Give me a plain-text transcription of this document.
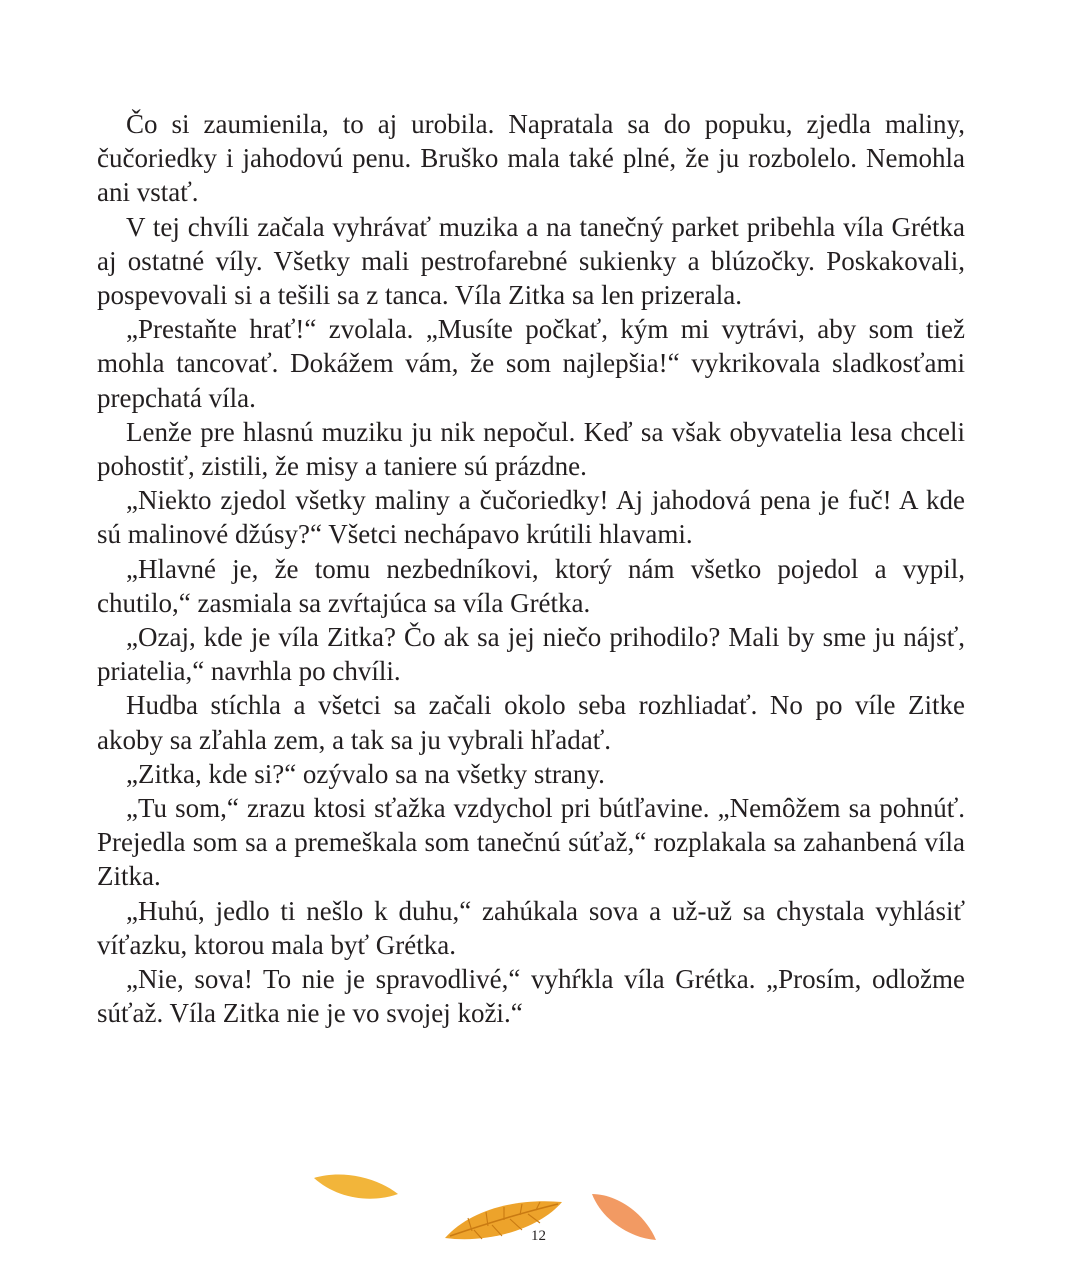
Čo si zaumienila, to aj urobila. Napratala sa do popuku, zjedla maliny, čučoriedky i jahodovú penu. Bruško mala také plné, že ju rozbolelo. Nemohla ani vstať.

V tej chvíli začala vyhrávať muzika a na tanečný parket pribehla víla Grétka aj ostatné víly. Všetky mali pestrofarebné sukienky a blúzočky. Poskakovali, pospevovali si a tešili sa z tanca. Víla Zitka sa len prizerala.

„Prestaňte hrať!“ zvolala. „Musíte počkať, kým mi vytrávi, aby som tiež mohla tancovať. Dokážem vám, že som najlepšia!“ vykrikovala sladkosťami prepchatá víla.

Lenže pre hlasnú muziku ju nik nepočul. Keď sa však obyvatelia lesa chceli pohostiť, zistili, že misy a taniere sú prázdne.

„Niekto zjedol všetky maliny a čučoriedky! Aj jahodová pena je fuč! A kde sú malinové džúsy?“ Všetci nechápavo krútili hlavami.

„Hlavné je, že tomu nezbedníkovi, ktorý nám všetko pojedol a vypil, chutilo,“ zasmiala sa zvŕtajúca sa víla Grétka.

„Ozaj, kde je víla Zitka? Čo ak sa jej niečo prihodilo? Mali by sme ju nájsť, priatelia,“ navrhla po chvíli.

Hudba stíchla a všetci sa začali okolo seba rozhliadať. No po víle Zitke akoby sa zľahla zem, a tak sa ju vybrali hľadať.

„Zitka, kde si?“ ozývalo sa na všetky strany.

„Tu som,“ zrazu ktosi sťažka vzdychol pri bútľavine. „Nemôžem sa pohnúť. Prejedla som sa a premeškala som tanečnú súťaž,“ rozplakala sa zahanbená víla Zitka.

„Huhú, jedlo ti nešlo k duhu,“ zahúkala sova a už-už sa chystala vyhlásiť víťazku, ktorou mala byť Grétka.

„Nie, sova! To nie je spravodlivé,“ vyhŕkla víla Grétka. „Prosím, odložme súťaž. Víla Zitka nie je vo svojej koži.“

12
